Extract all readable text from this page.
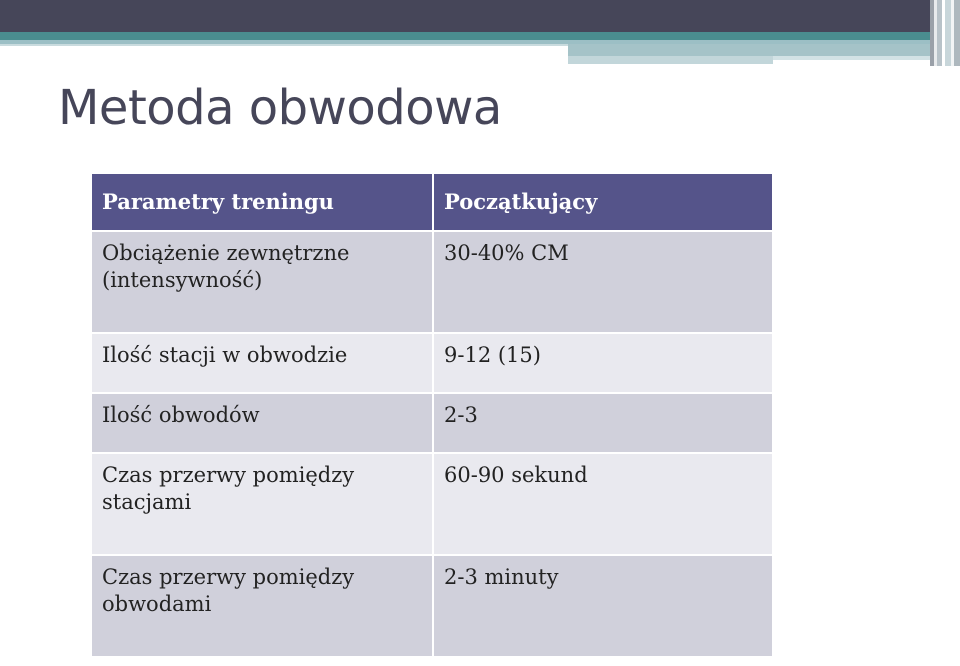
Metoda obwodowa
Parametry treningu	Początkujący
Obciążenie zewnętrzne (intensywność)	30-40% CM
Ilość stacji w obwodzie	9-12 (15)
Ilość obwodów	2-3
Czas przerwy pomiędzy stacjami	60-90 sekund
Czas przerwy pomiędzy obwodami	2-3 minuty
